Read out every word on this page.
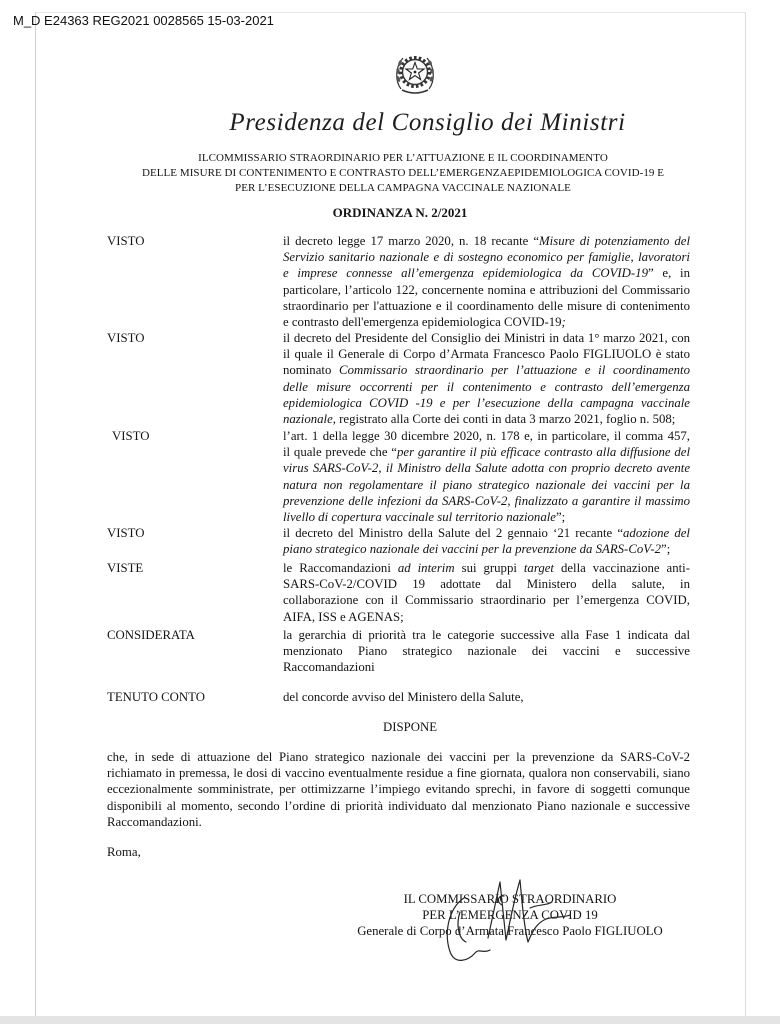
M_D E24363 REG2021 0028565 15-03-2021
Presidenza del Consiglio dei Ministri
ILCOMMISSARIO STRAORDINARIO PER L’ATTUAZIONE E IL COORDINAMENTO
DELLE MISURE DI CONTENIMENTO E CONTRASTO DELL’EMERGENZAEPIDEMIOLOGICA COVID-19 E
PER L’ESECUZIONE DELLA CAMPAGNA VACCINALE NAZIONALE
ORDINANZA N. 2/2021
VISTO	il decreto legge 17 marzo 2020, n. 18 recante “Misure di potenziamento del
Servizio sanitario nazionale e di sostegno economico per famiglie, lavoratori
e imprese connesse all’emergenza epidemiologica da COVID-19” e, in
particolare, l’articolo 122, concernente nomina e attribuzioni del Commissario
straordinario per l'attuazione e il coordinamento delle misure di contenimento
e contrasto dell'emergenza epidemiologica COVID-19;
VISTO	il decreto del Presidente del Consiglio dei Ministri in data 1° marzo 2021, con
il quale il Generale di Corpo d’Armata Francesco Paolo FIGLIUOLO è stato
nominato Commissario straordinario per l’attuazione e il coordinamento
delle misure occorrenti per il contenimento e contrasto dell’emergenza
epidemiologica COVID -19 e per l’esecuzione della campagna vaccinale
nazionale, registrato alla Corte dei conti in data 3 marzo 2021, foglio n. 508;
VISTO	l’art. 1 della legge 30 dicembre 2020, n. 178 e, in particolare, il comma 457,
il quale prevede che “per garantire il più efficace contrasto alla diffusione del
virus SARS-CoV-2, il Ministro della Salute adotta con proprio decreto avente
natura non regolamentare il piano strategico nazionale dei vaccini per la
prevenzione delle infezioni da SARS-CoV-2, finalizzato a garantire il massimo
livello di copertura vaccinale sul territorio nazionale”;
VISTO	il decreto del Ministro della Salute del 2 gennaio ‘21 recante “adozione del
piano strategico nazionale dei vaccini per la prevenzione da SARS-CoV-2”;
VISTE	le Raccomandazioni ad interim sui gruppi target della vaccinazione anti-
SARS-CoV-2/COVID 19 adottate dal Ministero della salute, in
collaborazione con il Commissario straordinario per l’emergenza COVID,
AIFA, ISS e AGENAS;
CONSIDERATA	la gerarchia di priorità tra le categorie successive alla Fase 1 indicata dal
menzionato Piano strategico nazionale dei vaccini e successive
Raccomandazioni
TENUTO CONTO	del concorde avviso del Ministero della Salute,
DISPONE
che, in sede di attuazione del Piano strategico nazionale dei vaccini per la prevenzione da SARS-CoV-2
richiamato in premessa, le dosi di vaccino eventualmente residue a fine giornata, qualora non conservabili, siano
eccezionalmente somministrate, per ottimizzarne l’impiego evitando sprechi, in favore di soggetti comunque
disponibili al momento, secondo l’ordine di priorità individuato dal menzionato Piano nazionale e successive
Raccomandazioni.
Roma,
IL COMMISSARIO STRAORDINARIO
PER L’EMERGENZA COVID 19
Generale di Corpo d’Armata Francesco Paolo FIGLIUOLO
